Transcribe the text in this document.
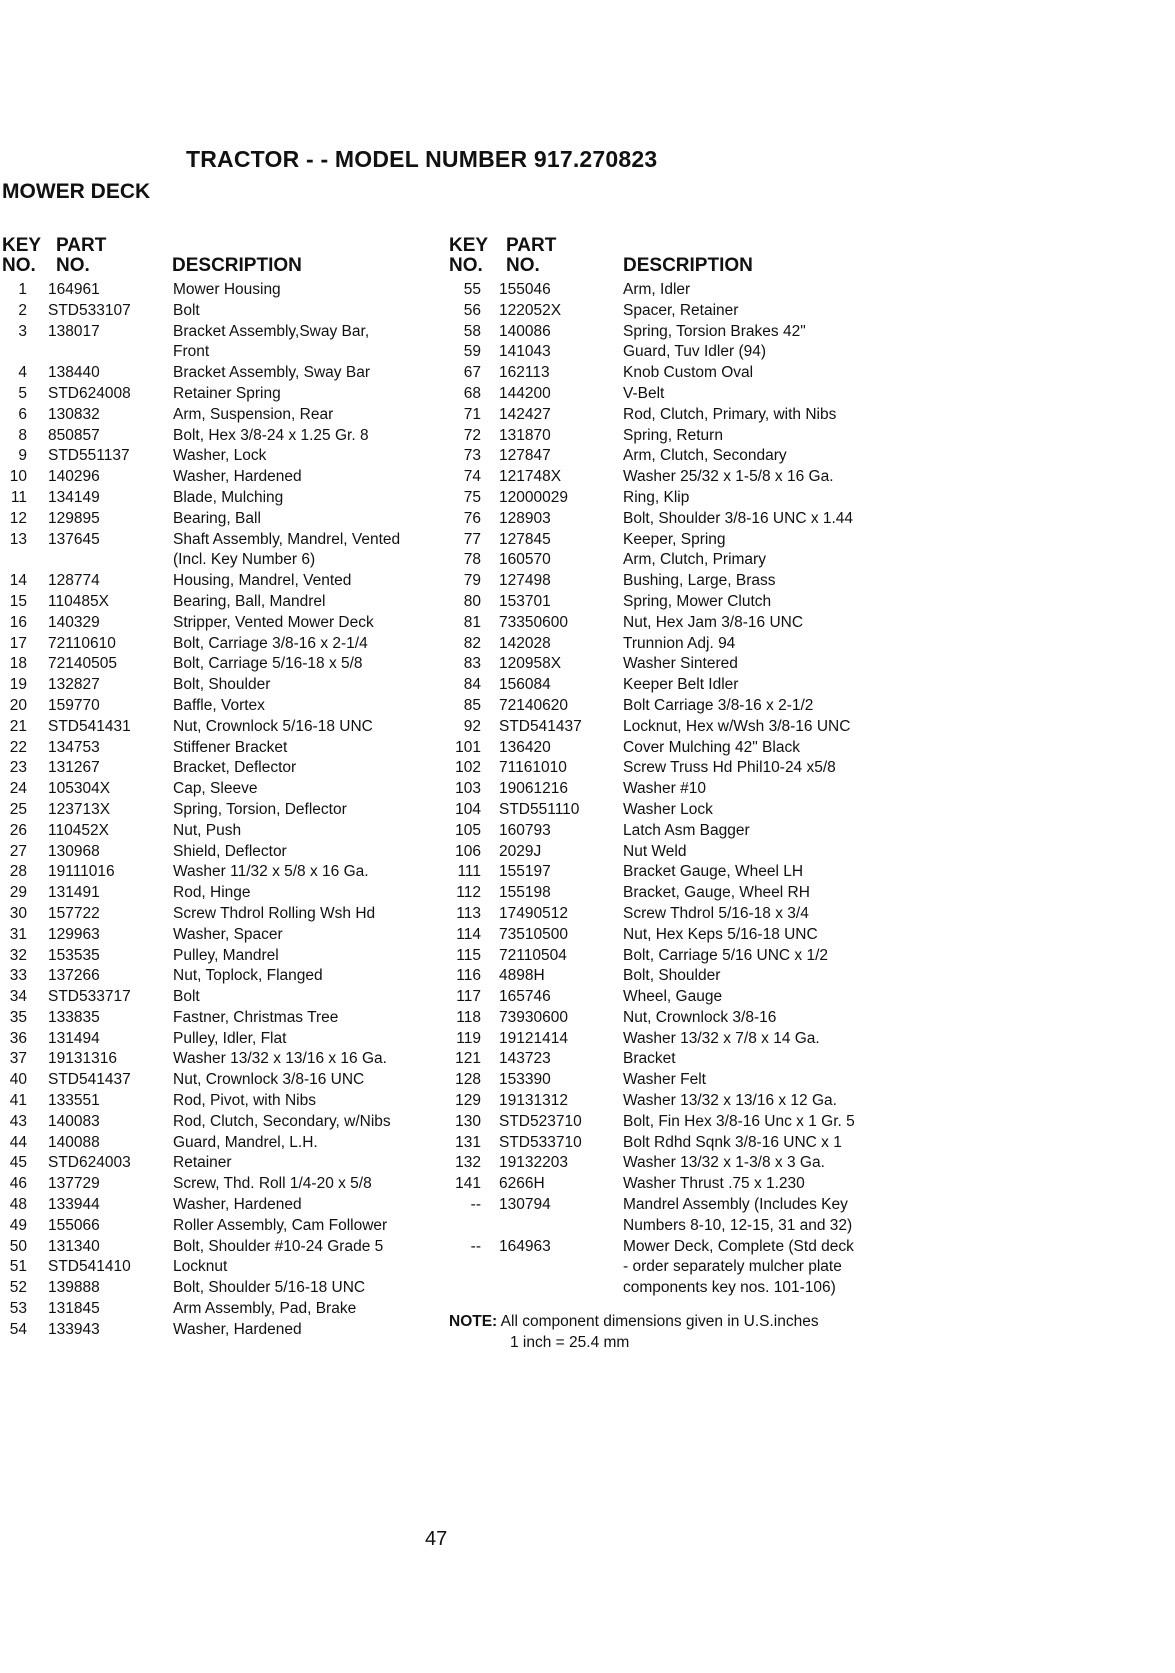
TRACTOR - - MODEL NUMBER 917.270823
MOWER DECK
KEY
NO.
PART
NO.	DESCRIPTION
1	164961	Mower Housing
2	STD533107	Bolt
3	138017	Bracket Assembly,Sway Bar,
Front
4	138440	Bracket Assembly, Sway Bar
5	STD624008	Retainer Spring
6	130832	Arm, Suspension, Rear
8	850857	Bolt, Hex 3/8-24 x 1.25 Gr. 8
9	STD551137	Washer, Lock
10	140296	Washer, Hardened
11	134149	Blade, Mulching
12	129895	Bearing, Ball
13	137645	Shaft Assembly, Mandrel, Vented
(Incl. Key Number 6)
14	128774	Housing, Mandrel, Vented
15	110485X	Bearing, Ball, Mandrel
16	140329	Stripper, Vented Mower Deck
17	72110610	Bolt, Carriage 3/8-16 x 2-1/4
18	72140505	Bolt, Carriage 5/16-18 x 5/8
19	132827	Bolt, Shoulder
20	159770	Baffle, Vortex
21	STD541431	Nut, Crownlock 5/16-18 UNC
22	134753	Stiffener Bracket
23	131267	Bracket, Deflector
24	105304X	Cap, Sleeve
25	123713X	Spring, Torsion, Deflector
26	110452X	Nut, Push
27	130968	Shield, Deflector
28	19111016	Washer 11/32 x 5/8 x 16 Ga.
29	131491	Rod, Hinge
30	157722	Screw Thdrol Rolling Wsh Hd
31	129963	Washer, Spacer
32	153535	Pulley, Mandrel
33	137266	Nut, Toplock, Flanged
34	STD533717	Bolt
35	133835	Fastner, Christmas Tree
36	131494	Pulley, Idler, Flat
37	19131316	Washer 13/32 x 13/16 x 16 Ga.
40	STD541437	Nut, Crownlock 3/8-16 UNC
41	133551	Rod, Pivot, with Nibs
43	140083	Rod, Clutch, Secondary, w/Nibs
44	140088	Guard, Mandrel, L.H.
45	STD624003	Retainer
46	137729	Screw, Thd. Roll 1/4-20 x 5/8
48	133944	Washer, Hardened
49	155066	Roller Assembly, Cam Follower
50	131340	Bolt, Shoulder #10-24 Grade 5
51	STD541410	Locknut
52	139888	Bolt, Shoulder 5/16-18 UNC
53	131845	Arm Assembly, Pad, Brake
54	133943	Washer, Hardened
KEY
NO.
PART
NO.	DESCRIPTION
55	155046	Arm, Idler
56	122052X	Spacer, Retainer
58	140086	Spring, Torsion Brakes 42"
59	141043	Guard, Tuv Idler (94)
67	162113	Knob Custom Oval
68	144200	V-Belt
71	142427	Rod, Clutch, Primary, with Nibs
72	131870	Spring, Return
73	127847	Arm, Clutch, Secondary
74	121748X	Washer 25/32 x 1-5/8 x 16 Ga.
75	12000029	Ring, Klip
76	128903	Bolt, Shoulder 3/8-16 UNC x 1.44
77	127845	Keeper, Spring
78	160570	Arm, Clutch, Primary
79	127498	Bushing, Large, Brass
80	153701	Spring, Mower Clutch
81	73350600	Nut, Hex Jam 3/8-16 UNC
82	142028	Trunnion Adj. 94
83	120958X	Washer Sintered
84	156084	Keeper Belt Idler
85	72140620	Bolt Carriage 3/8-16 x 2-1/2
92	STD541437	Locknut, Hex w/Wsh 3/8-16 UNC
101	136420	Cover Mulching 42" Black
102	71161010	Screw Truss Hd Phil10-24 x5/8
103	19061216	Washer #10
104	STD551110	Washer Lock
105	160793	Latch Asm Bagger
106	2029J	Nut Weld
111	155197	Bracket Gauge, Wheel LH
112	155198	Bracket, Gauge, Wheel RH
113	17490512	Screw Thdrol 5/16-18 x 3/4
114	73510500	Nut, Hex Keps 5/16-18 UNC
115	72110504	Bolt, Carriage 5/16 UNC x 1/2
116	4898H	Bolt, Shoulder
117	165746	Wheel, Gauge
118	73930600	Nut, Crownlock 3/8-16
119	19121414	Washer 13/32 x 7/8 x 14 Ga.
121	143723	Bracket
128	153390	Washer Felt
129	19131312	Washer 13/32 x 13/16 x 12 Ga.
130	STD523710	Bolt, Fin Hex 3/8-16 Unc x 1 Gr. 5
131	STD533710	Bolt Rdhd Sqnk 3/8-16 UNC x 1
132	19132203	Washer 13/32 x 1-3/8 x 3 Ga.
141	6266H	Washer Thrust .75 x 1.230
--	130794	Mandrel Assembly (Includes Key
Numbers 8-10, 12-15, 31 and 32)
--	164963	Mower Deck, Complete (Std deck
- order separately mulcher plate
components key nos. 101-106)
NOTE: All component dimensions given in U.S.inches
1 inch = 25.4 mm
47
